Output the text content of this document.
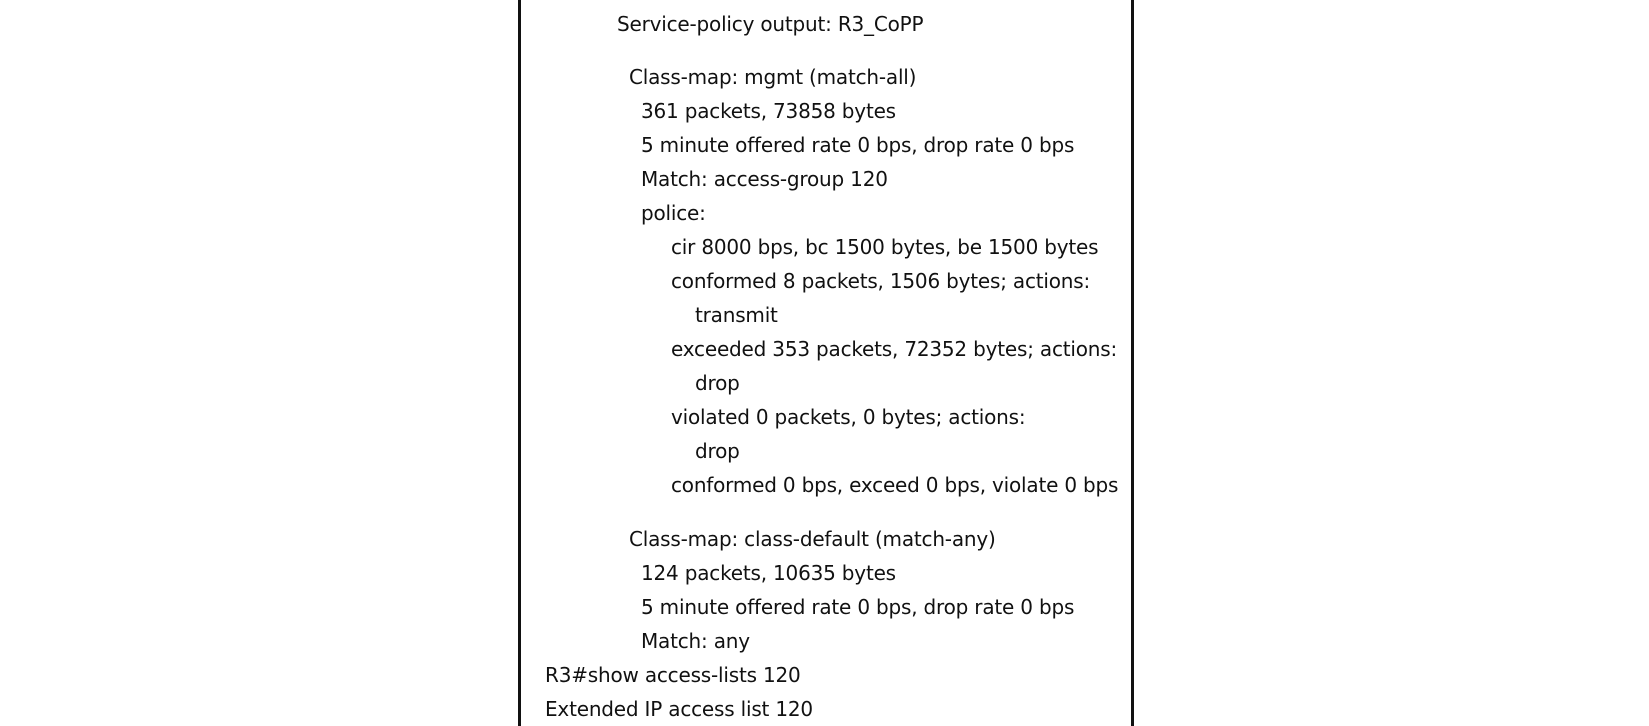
Service-policy output: R3_CoPP
Class-map: mgmt (match-all)
361 packets, 73858 bytes
5 minute offered rate 0 bps, drop rate 0 bps
Match: access-group 120
police:
cir 8000 bps, bc 1500 bytes, be 1500 bytes
conformed 8 packets, 1506 bytes; actions:
transmit
exceeded 353 packets, 72352 bytes; actions:
drop
violated 0 packets, 0 bytes; actions:
drop
conformed 0 bps, exceed 0 bps, violate 0 bps
Class-map: class-default (match-any)
124 packets, 10635 bytes
5 minute offered rate 0 bps, drop rate 0 bps
Match: any
R3#show access-lists 120
Extended IP access list 120
